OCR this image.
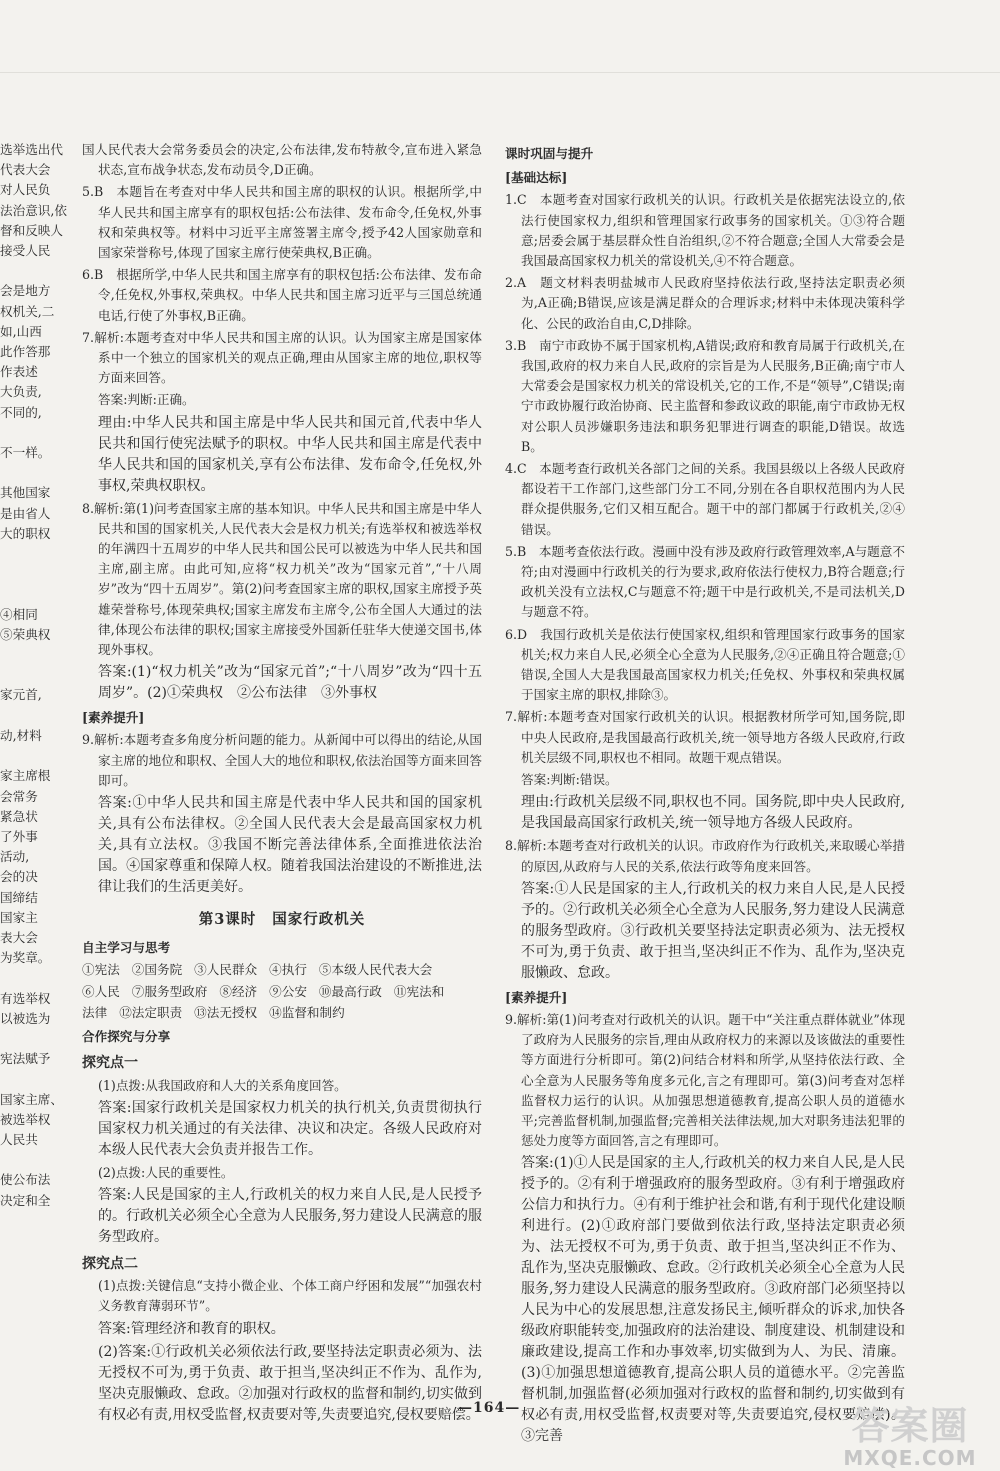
选举选出代

代表大会

对人民负

法治意识,依

督和反映人

接受人民

会是地方

权机关,二

如,山西

此作答那

作表述

大负责,

不同的,

不一样。

其他国家

是由省人

大的职权

④相同

⑤荣典权

家元首,

动,材料

家主席根

会常务

紧急状

了外事

活动,

会的决

国缔结

国家主

表大会

为奖章。

有选举权

以被选为

宪法赋予

国家主席、

被选举权

人民共

使公布法

决定和全

国人民代表大会常务委员会的决定,公布法律,发布特赦令,宣布进入紧急状态,宣布战争状态,发布动员令,D正确。

5.B　本题旨在考查对中华人民共和国主席的职权的认识。根据所学,中华人民共和国主席享有的职权包括:公布法律、发布命令,任免权,外事权和荣典权等。材料中习近平主席签署主席令,授予42人国家勋章和国家荣誉称号,体现了国家主席行使荣典权,B正确。

6.B　根据所学,中华人民共和国主席享有的职权包括:公布法律、发布命令,任免权,外事权,荣典权。中华人民共和国主席习近平与三国总统通电话,行使了外事权,B正确。

7.解析:本题考查对中华人民共和国主席的认识。认为国家主席是国家体系中一个独立的国家机关的观点正确,理由从国家主席的地位,职权等方面来回答。

答案:判断:正确。

理由:中华人民共和国主席是中华人民共和国元首,代表中华人民共和国行使宪法赋予的职权。中华人民共和国主席是代表中华人民共和国的国家机关,享有公布法律、发布命令,任免权,外事权,荣典权职权。

8.解析:第(1)问考查国家主席的基本知识。中华人民共和国主席是中华人民共和国的国家机关,人民代表大会是权力机关;有选举权和被选举权的年满四十五周岁的中华人民共和国公民可以被选为中华人民共和国主席,副主席。由此可知,应将“权力机关”改为“国家元首”,“十八周岁”改为“四十五周岁”。第(2)问考查国家主席的职权,国家主席授予英雄荣誉称号,体现荣典权;国家主席发布主席令,公布全国人大通过的法律,体现公布法律的职权;国家主席接受外国新任驻华大使递交国书,体现外事权。

答案:(1)“权力机关”改为“国家元首”;“十八周岁”改为“四十五周岁”。(2)①荣典权　②公布法律　③外事权

[素养提升]

9.解析:本题考查多角度分析问题的能力。从新闻中可以得出的结论,从国家主席的地位和职权、全国人大的地位和职权,依法治国等方面来回答即可。

答案:①中华人民共和国主席是代表中华人民共和国的国家机关,具有公布法律权。②全国人民代表大会是最高国家权力机关,具有立法权。③我国不断完善法律体系,全面推进依法治国。④国家尊重和保障人权。随着我国法治建设的不断推进,法律让我们的生活更美好。

第3课时 国家行政机关
自主学习与思考
①宪法 ②国务院 ③人民群众 ④执行 ⑤本级人民代表大会
⑥人民 ⑦服务型政府 ⑧经济 ⑨公安 ⑩最高行政 ⑪宪法和
法律 ⑫法定职责 ⑬法无授权 ⑭监督和制约
合作探究与分享
探究点一

(1)点拨:从我国政府和人大的关系角度回答。

答案:国家行政机关是国家权力机关的执行机关,负责贯彻执行国家权力机关通过的有关法律、决议和决定。各级人民政府对本级人民代表大会负责并报告工作。

(2)点拨:人民的重要性。

答案:人民是国家的主人,行政机关的权力来自人民,是人民授予的。行政机关必须全心全意为人民服务,努力建设人民满意的服务型政府。

探究点二

(1)点拨:关键信息“支持小微企业、个体工商户纾困和发展”“加强农村义务教育薄弱环节”。

答案:管理经济和教育的职权。

(2)答案:①行政机关必须依法行政,要坚持法定职责必须为、法无授权不可为,勇于负责、敢于担当,坚决纠正不作为、乱作为,坚决克服懒政、怠政。②加强对行政权的监督和制约,切实做到有权必有责,用权受监督,权责要对等,失责要追究,侵权要赔偿。

课时巩固与提升
[基础达标]

1.C　本题考查对国家行政机关的认识。行政机关是依据宪法设立的,依法行使国家权力,组织和管理国家行政事务的国家机关。①③符合题意;居委会属于基层群众性自治组织,②不符合题意;全国人大常委会是我国最高国家权力机关的常设机关,④不符合题意。

2.A　题文材料表明盐城市人民政府坚持依法行政,坚持法定职责必须为,A正确;B错误,应该是满足群众的合理诉求;材料中未体现决策科学化、公民的政治自由,C,D排除。

3.B　南宁市政协不属于国家机构,A错误;政府和教育局属于行政机关,在我国,政府的权力来自人民,政府的宗旨是为人民服务,B正确;南宁市人大常委会是国家权力机关的常设机关,它的工作,不是“领导”,C错误;南宁市政协履行政治协商、民主监督和参政议政的职能,南宁市政协无权对公职人员涉嫌职务违法和职务犯罪进行调查的职能,D错误。故选B。

4.C　本题考查行政机关各部门之间的关系。我国县级以上各级人民政府都设若干工作部门,这些部门分工不同,分别在各自职权范围内为人民群众提供服务,它们又相互配合。题干中的部门都属于行政机关,②④错误。

5.B　本题考查依法行政。漫画中没有涉及政府行政管理效率,A与题意不符;由对漫画中行政机关的行为要求,政府依法行使权力,B符合题意;行政机关没有立法权,C与题意不符;题干中是行政机关,不是司法机关,D与题意不符。

6.D　我国行政机关是依法行使国家权,组织和管理国家行政事务的国家机关;权力来自人民,必须全心全意为人民服务,②④正确且符合题意;①错误,全国人大是我国最高国家权力机关;任免权、外事权和荣典权属于国家主席的职权,排除③。

7.解析:本题考查对国家行政机关的认识。根据教材所学可知,国务院,即中央人民政府,是我国最高行政机关,统一领导地方各级人民政府,行政机关层级不同,职权也不相同。故题干观点错误。

答案:判断:错误。

理由:行政机关层级不同,职权也不同。国务院,即中央人民政府,是我国最高国家行政机关,统一领导地方各级人民政府。

8.解析:本题考查对行政机关的认识。市政府作为行政机关,来取暖心举措的原因,从政府与人民的关系,依法行政等角度来回答。

答案:①人民是国家的主人,行政机关的权力来自人民,是人民授予的。②行政机关必须全心全意为人民服务,努力建设人民满意的服务型政府。③行政机关要坚持法定职责必须为、法无授权不可为,勇于负责、敢于担当,坚决纠正不作为、乱作为,坚决克服懒政、怠政。

[素养提升]

9.解析:第(1)问考查对行政机关的认识。题干中“关注重点群体就业”体现了政府为人民服务的宗旨,理由从政府权力的来源以及该做法的重要性等方面进行分析即可。第(2)问结合材料和所学,从坚持依法行政、全心全意为人民服务等角度多元化,言之有理即可。第(3)问考查对怎样监督权力运行的认识。从加强思想道德教育,提高公职人员的道德水平;完善监督机制,加强监督;完善相关法律法规,加大对职务违法犯罪的惩处力度等方面回答,言之有理即可。

答案:(1)①人民是国家的主人,行政机关的权力来自人民,是人民授予的。②有利于增强政府的服务型政府。③有利于增强政府公信力和执行力。④有利于维护社会和谐,有利于现代化建设顺利进行。(2)①政府部门要做到依法行政,坚持法定职责必须为、法无授权不可为,勇于负责、敢于担当,坚决纠正不作为、乱作为,坚决克服懒政、怠政。②行政机关必须全心全意为人民服务,努力建设人民满意的服务型政府。③政府部门必须坚持以人民为中心的发展思想,注意发扬民主,倾听群众的诉求,加快各级政府职能转变,加强政府的法治建设、制度建设、机制建设和廉政建设,提高工作和办事效率,切实做到为人、为民、清廉。(3)①加强思想道德教育,提高公职人员的道德水平。②完善监督机制,加强监督(必须加强对行政权的监督和制约,切实做到有权必有责,用权受监督,权责要对等,失责要追究,侵权要赔偿)。③完善

—164—	答案圈
MXQE.COM
